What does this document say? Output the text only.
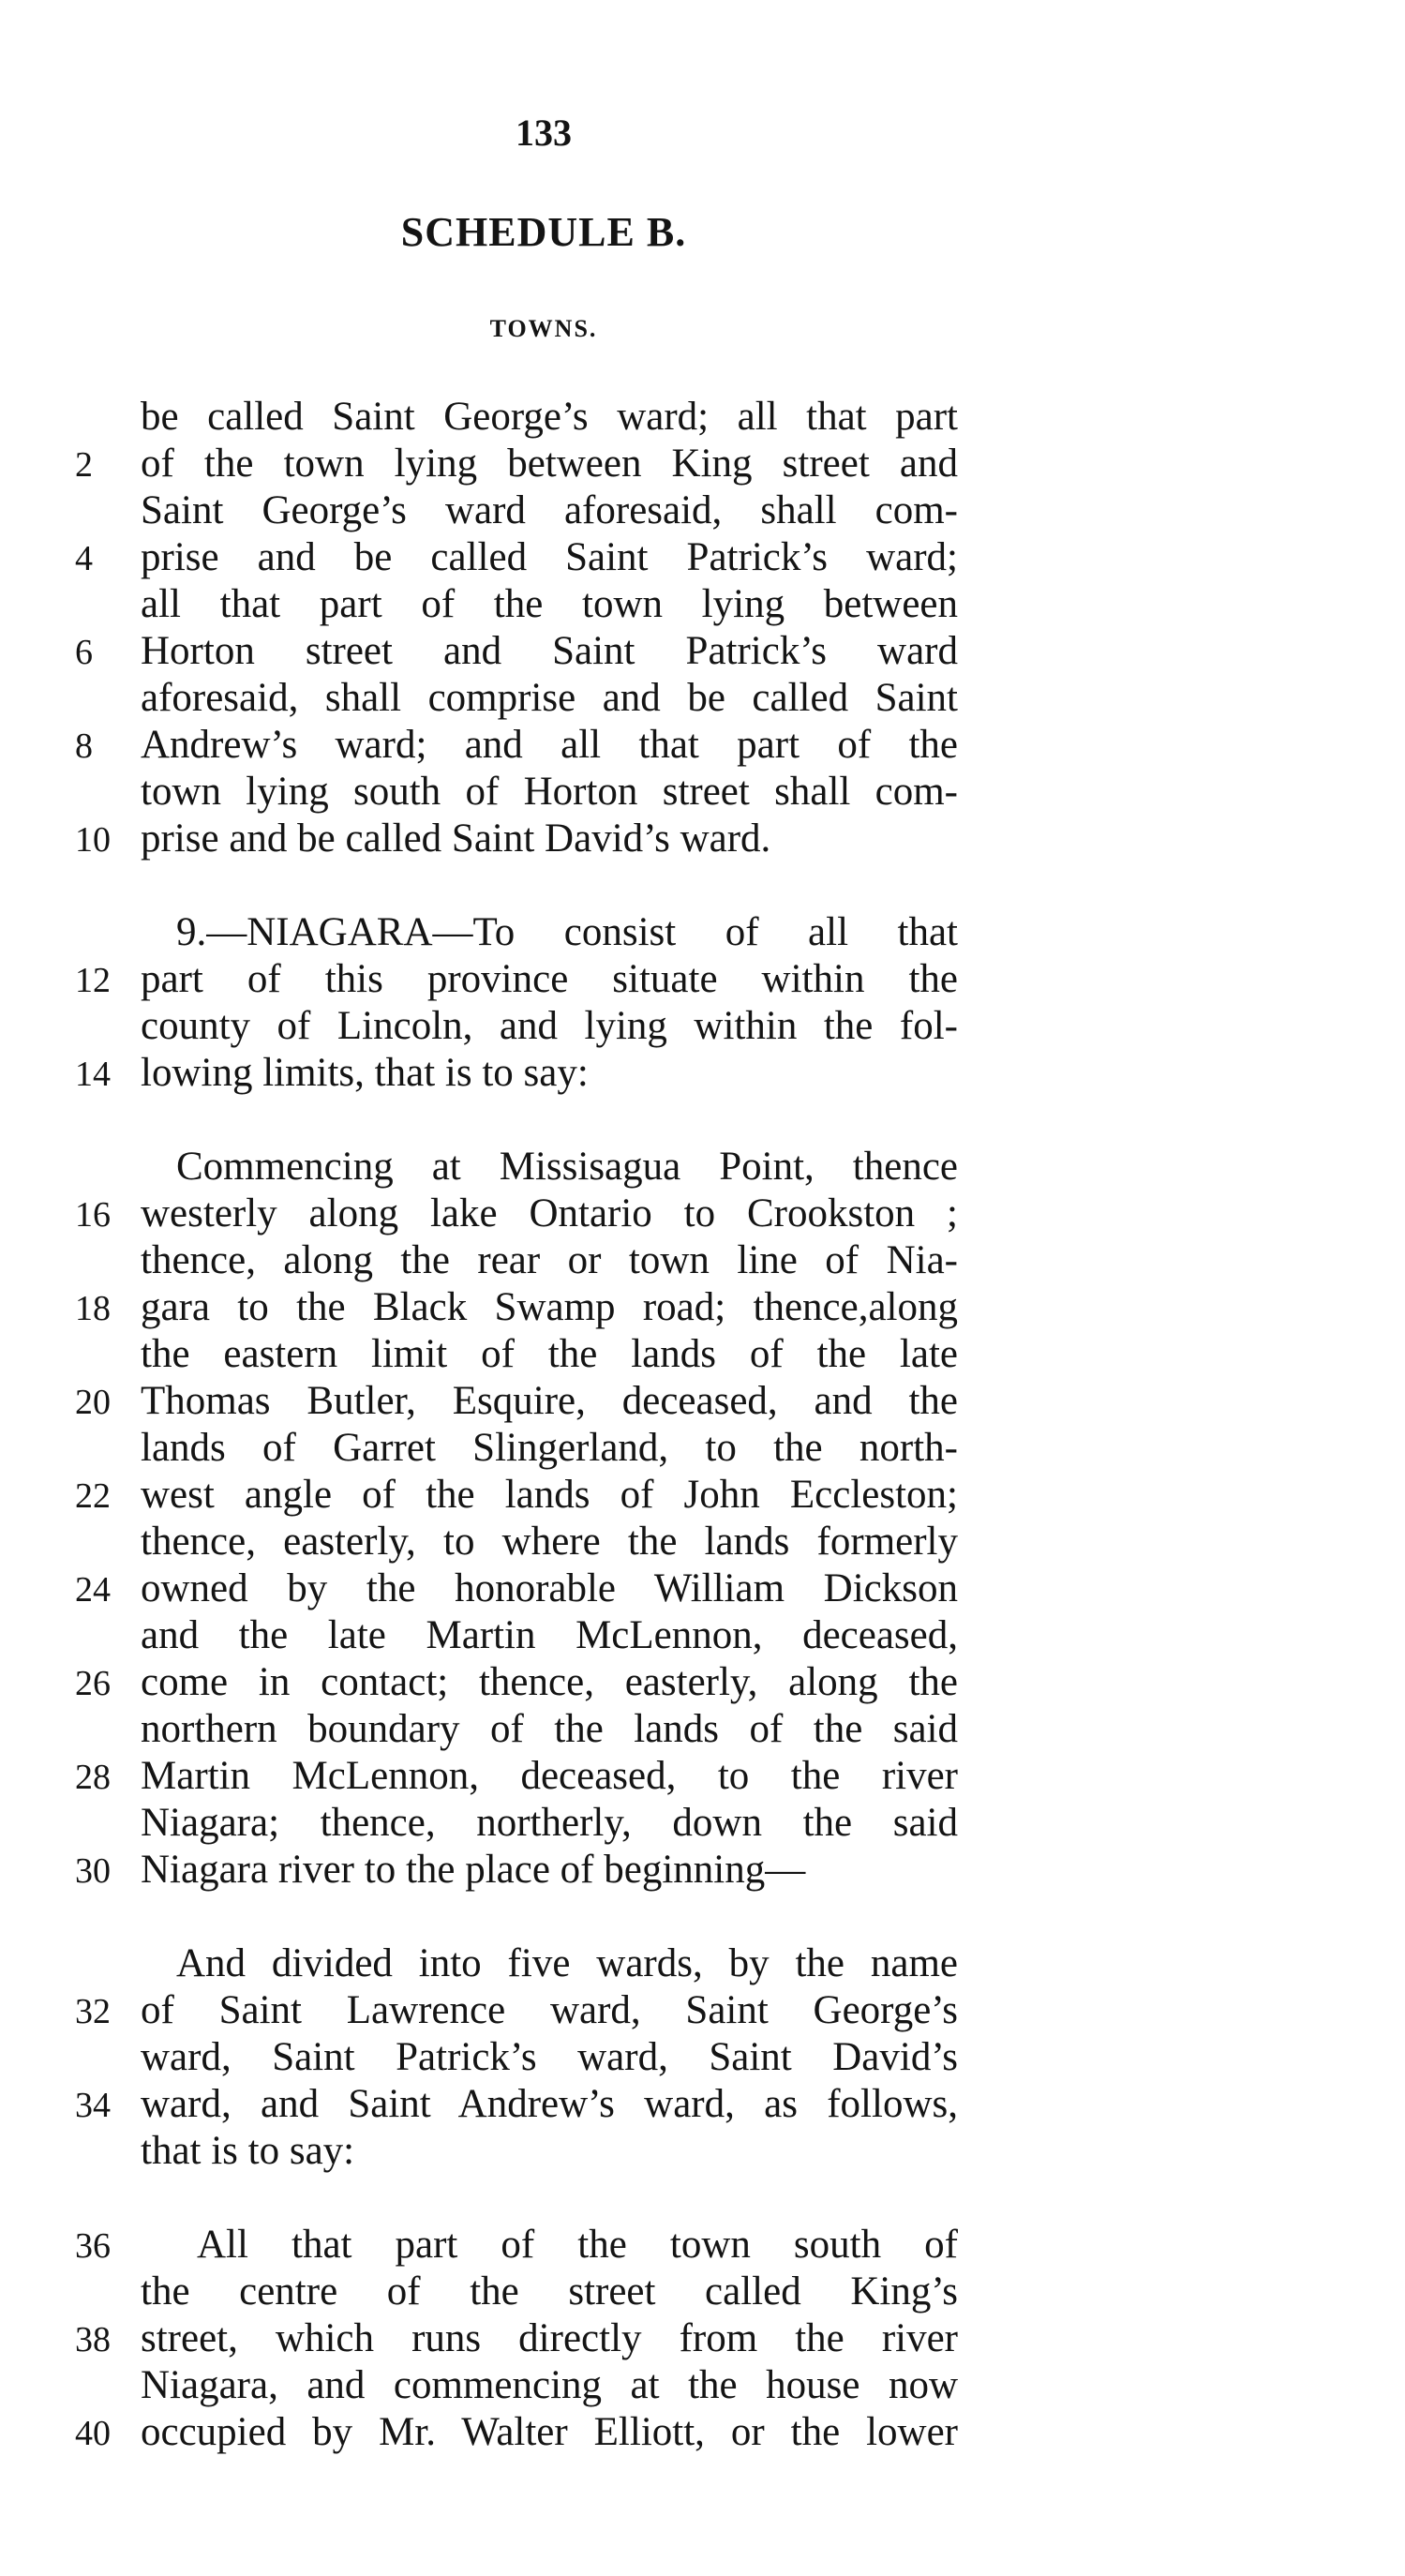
133
SCHEDULE B.
TOWNS.
be called Saint George’s ward; all that part
2	of the town lying between King street and
Saint George’s ward aforesaid, shall com-
4	prise and be called Saint Patrick’s ward;
all that part of the town lying between
6	Horton street and Saint Patrick’s ward
aforesaid, shall comprise and be called Saint
8	Andrew’s ward; and all that part of the
town lying south of Horton street shall com-
10 prise and be called Saint David’s ward.
9.—NIAGARA—To consist of all that
12 part of this province situate within the
county of Lincoln, and lying within the fol-
14 lowing limits, that is to say:
Commencing at Missisagua Point, thence
16 westerly along lake Ontario to Crookston ;
thence, along the rear or town line of Nia-
18 gara to the Black Swamp road; thence,along
the eastern limit of the lands of the late
20 Thomas Butler, Esquire, deceased, and the
lands of Garret Slingerland, to the north-
22 west angle of the lands of John Eccleston;
thence, easterly, to where the lands formerly
24 owned by the honorable William Dickson
and the late Martin McLennon, deceased,
26 come in contact; thence, easterly, along the
northern boundary of the lands of the said
28 Martin McLennon, deceased, to the river
Niagara; thence, northerly, down the said
30 Niagara river to the place of beginning—
And divided into five wards, by the name
32 of Saint Lawrence ward, Saint George’s
ward, Saint Patrick’s ward, Saint David’s
34 ward, and Saint Andrew’s ward, as follows,
that is to say:
36	All that part of the town south of
the centre of the street called King’s
38 street, which runs directly from the river
Niagara, and commencing at the house now
40 occupied by Mr. Walter Elliott, or the lower
